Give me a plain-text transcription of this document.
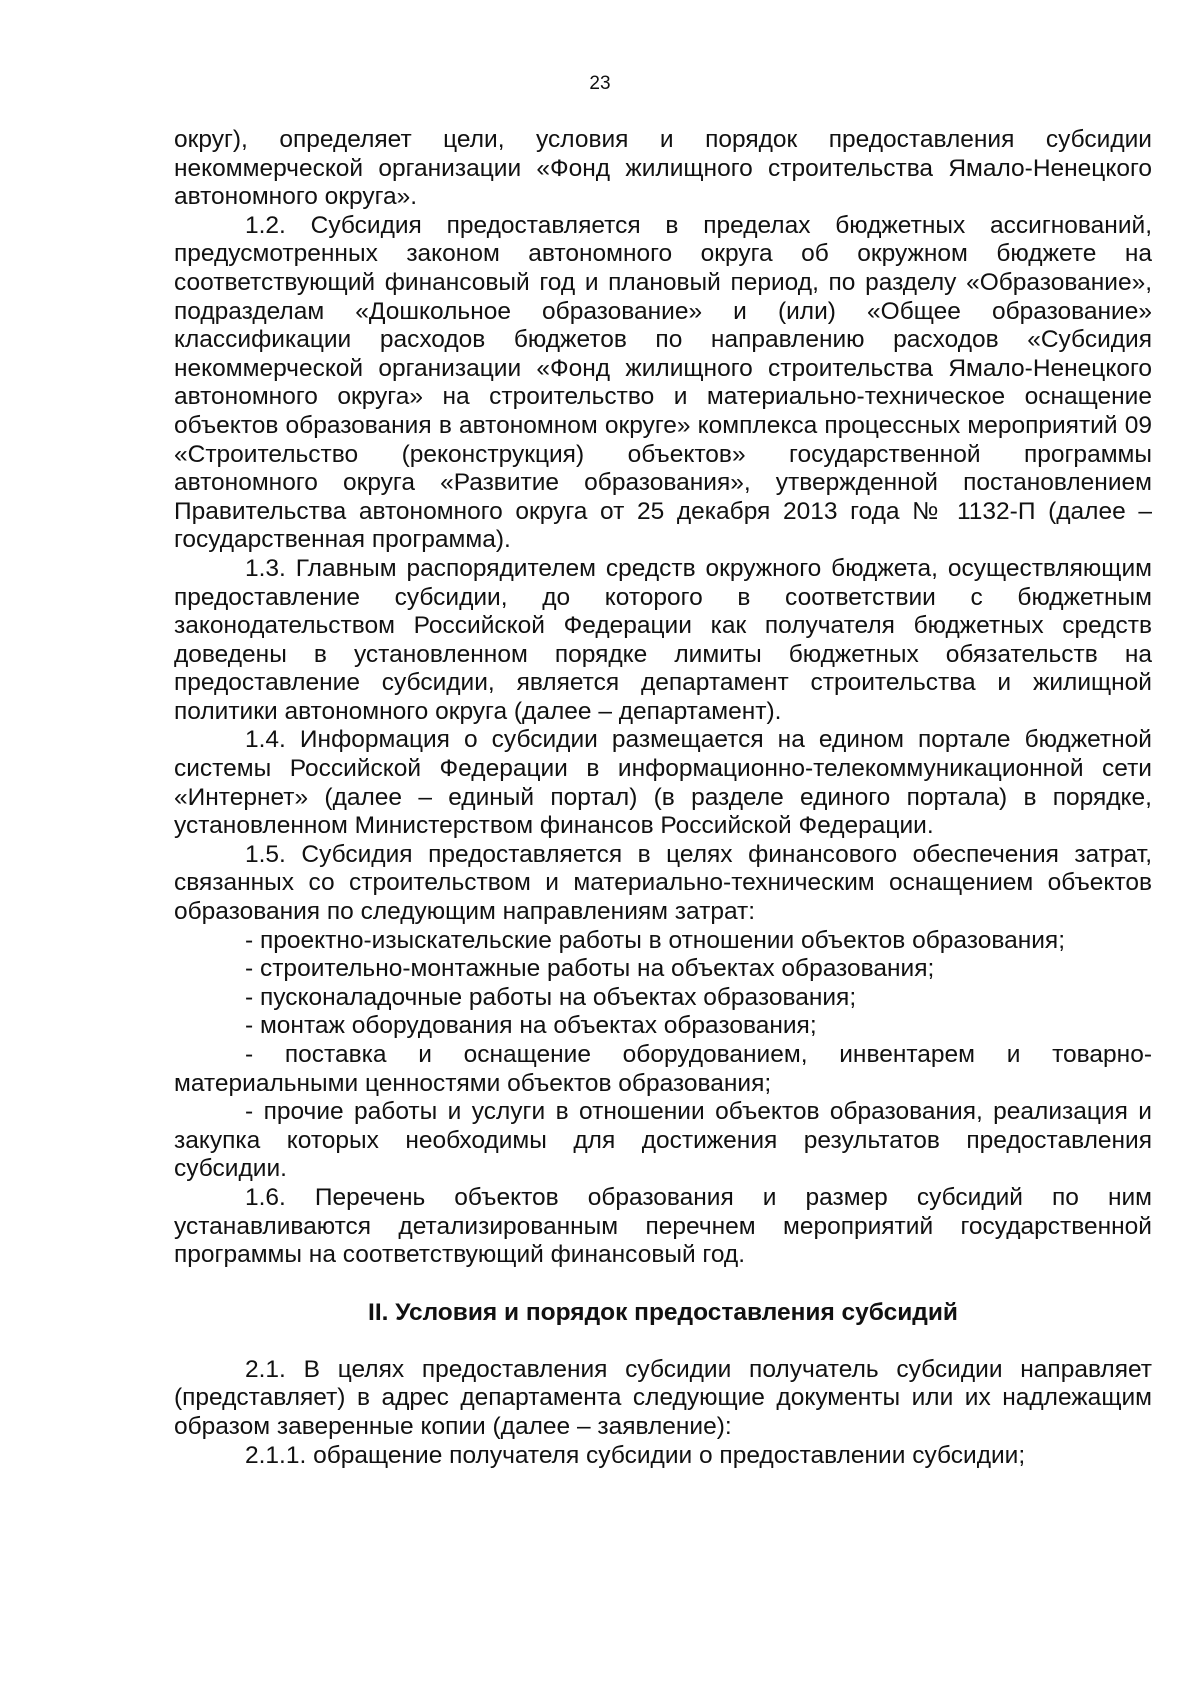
23

округ), определяет цели, условия и порядок предоставления субсидии некоммерческой организации «Фонд жилищного строительства Ямало-Ненецкого автономного округа».

1.2. Субсидия предоставляется в пределах бюджетных ассигнований, предусмотренных законом автономного округа об окружном бюджете на соответствующий финансовый год и плановый период, по разделу «Образование», подразделам «Дошкольное образование» и (или) «Общее образование» классификации расходов бюджетов по направлению расходов «Субсидия некоммерческой организации «Фонд жилищного строительства Ямало-Ненецкого автономного округа» на строительство и материально-техническое оснащение объектов образования в автономном округе» комплекса процессных мероприятий 09 «Строительство (реконструкция) объектов» государственной программы автономного округа «Развитие образования», утвержденной постановлением Правительства автономного округа от 25 декабря 2013 года № 1132-П (далее – государственная программа).

1.3. Главным распорядителем средств окружного бюджета, осуществляющим предоставление субсидии, до которого в соответствии с бюджетным законодательством Российской Федерации как получателя бюджетных средств доведены в установленном порядке лимиты бюджетных обязательств на предоставление субсидии, является департамент строительства и жилищной политики автономного округа (далее – департамент).

1.4. Информация о субсидии размещается на едином портале бюджетной системы Российской Федерации в информационно-телекоммуникационной сети «Интернет» (далее – единый портал) (в разделе единого портала) в порядке, установленном Министерством финансов Российской Федерации.

1.5. Субсидия предоставляется в целях финансового обеспечения затрат, связанных со строительством и материально-техническим оснащением объектов образования по следующим направлениям затрат:

- проектно-изыскательские работы в отношении объектов образования;

- строительно-монтажные работы на объектах образования;

- пусконаладочные работы на объектах образования;

- монтаж оборудования на объектах образования;

- поставка и оснащение оборудованием, инвентарем и товарно-материальными ценностями объектов образования;

- прочие работы и услуги в отношении объектов образования, реализация и закупка которых необходимы для достижения результатов предоставления субсидии.

1.6. Перечень объектов образования и размер субсидий по ним устанавливаются детализированным перечнем мероприятий государственной программы на соответствующий финансовый год.

II. Условия и порядок предоставления субсидий

2.1. В целях предоставления субсидии получатель субсидии направляет (представляет) в адрес департамента следующие документы или их надлежащим образом заверенные копии (далее – заявление):

2.1.1. обращение получателя субсидии о предоставлении субсидии;
